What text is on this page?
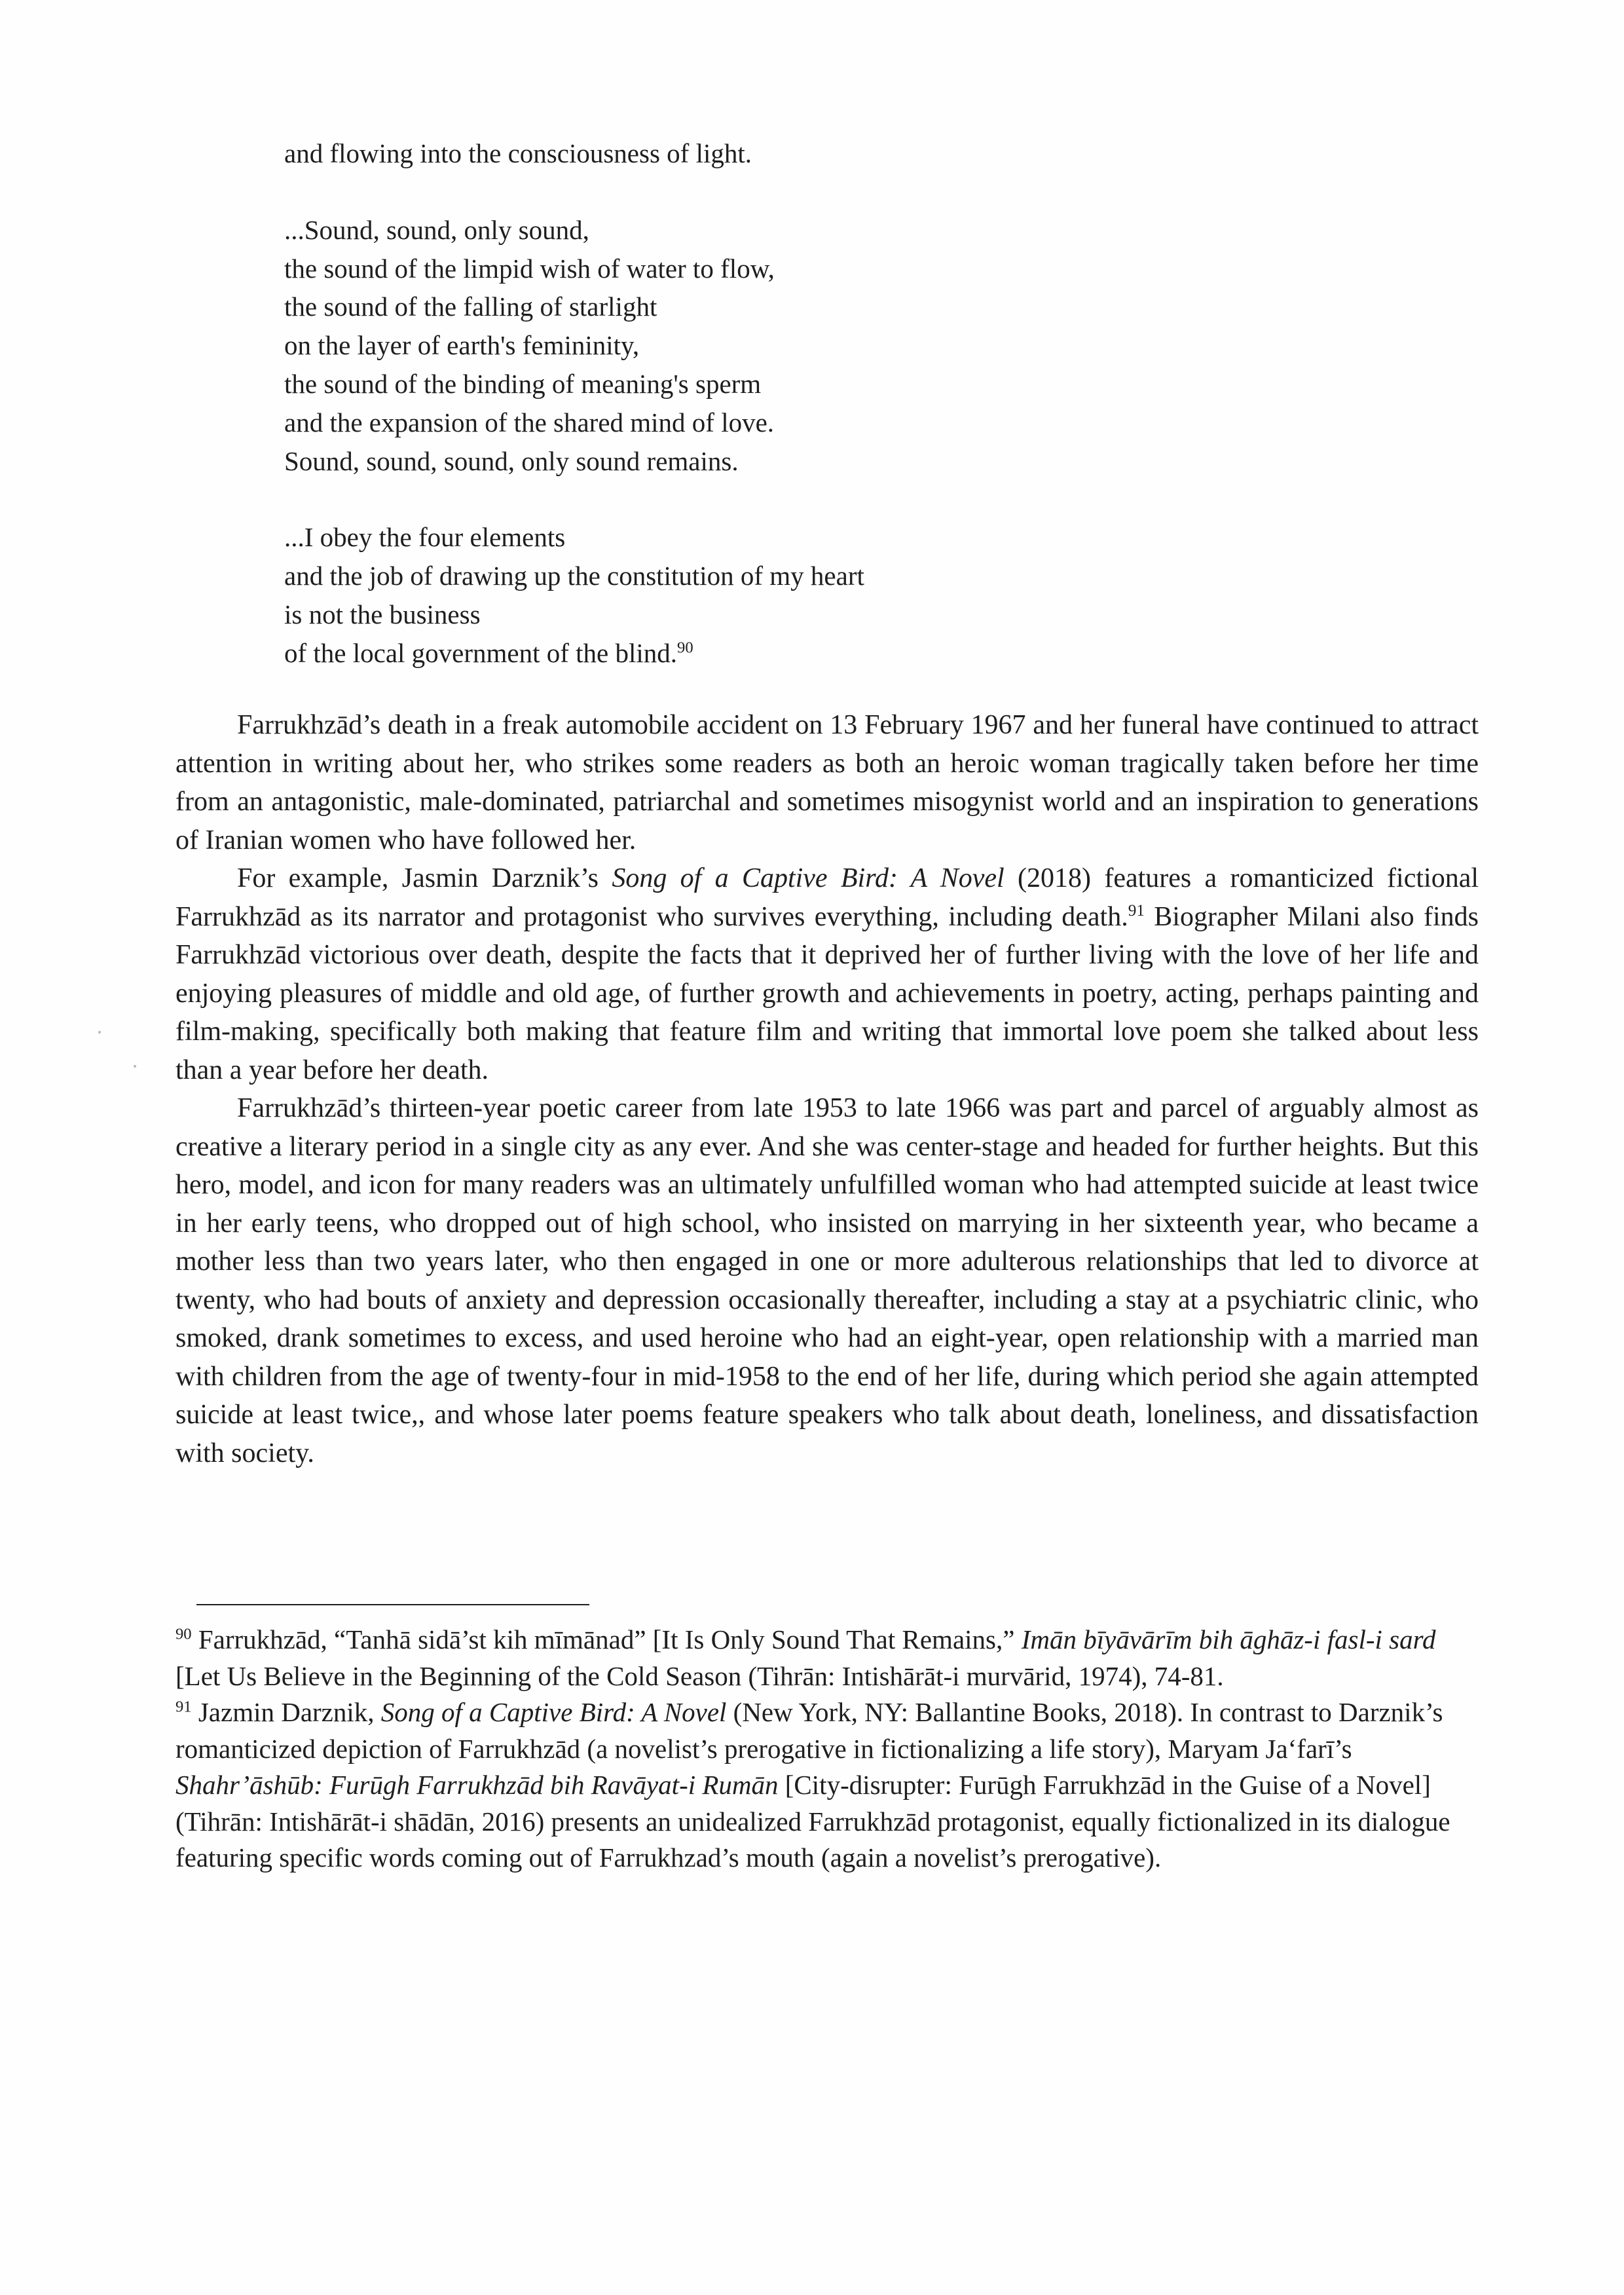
and flowing into the consciousness of light.
...Sound, sound, only sound,
the sound of the limpid wish of water to flow,
the sound of the falling of starlight
on the layer of earth's femininity,
the sound of the binding of meaning's sperm
and the expansion of the shared mind of love.
Sound, sound, sound, only sound remains.
...I obey the four elements
and the job of drawing up the constitution of my heart
is not the business
of the local government of the blind.$^{90}$

Farrukhzād’s death in a freak automobile accident on 13 February 1967 and her funeral have continued to attract attention in writing about her, who strikes some readers as both an heroic woman tragically taken before her time from an antagonistic, male-dominated, patriarchal and sometimes misogynist world and an inspiration to generations of Iranian women who have followed her.

For example, Jasmin Darznik’s Song of a Captive Bird: A Novel (2018) features a romanticized fictional Farrukhzād as its narrator and protagonist who survives everything, including death.$^{91}$ Biographer Milani also finds Farrukhzād victorious over death, despite the facts that it deprived her of further living with the love of her life and enjoying pleasures of middle and old age, of further growth and achievements in poetry, acting, perhaps painting and film-making, specifically both making that feature film and writing that immortal love poem she talked about less than a year before her death.

Farrukhzād’s thirteen-year poetic career from late 1953 to late 1966 was part and parcel of arguably almost as creative a literary period in a single city as any ever. And she was center-stage and headed for further heights. But this hero, model, and icon for many readers was an ultimately unfulfilled woman who had attempted suicide at least twice in her early teens, who dropped out of high school, who insisted on marrying in her sixteenth year, who became a mother less than two years later, who then engaged in one or more adulterous relationships that led to divorce at twenty, who had bouts of anxiety and depression occasionally thereafter, including a stay at a psychiatric clinic, who smoked, drank sometimes to excess, and used heroine who had an eight-year, open relationship with a married man with children from the age of twenty-four in mid-1958 to the end of her life, during which period she again attempted suicide at least twice,, and whose later poems feature speakers who talk about death, loneliness, and dissatisfaction with society.

$^{90}$ Farrukhzād, “Tanhā sidā’st kih mīmānad” [It Is Only Sound That Remains,” Imān bīyāvārīm bih āghāz-i fasl-i sard [Let Us Believe in the Beginning of the Cold Season (Tihrān: Intishārāt-i murvārid, 1974), 74-81.

$^{91}$ Jazmin Darznik, Song of a Captive Bird: A Novel (New York, NY: Ballantine Books, 2018). In contrast to Darznik’s romanticized depiction of Farrukhzād (a novelist’s prerogative in fictionalizing a life story), Maryam Ja‘farī’s Shahr’āshūb: Furūgh Farrukhzād bih Ravāyat-i Rumān [City-disrupter: Furūgh Farrukhzād in the Guise of a Novel] (Tihrān: Intishārāt-i shādān, 2016) presents an unidealized Farrukhzād protagonist, equally fictionalized in its dialogue featuring specific words coming out of Farrukhzad’s mouth (again a novelist’s prerogative).
